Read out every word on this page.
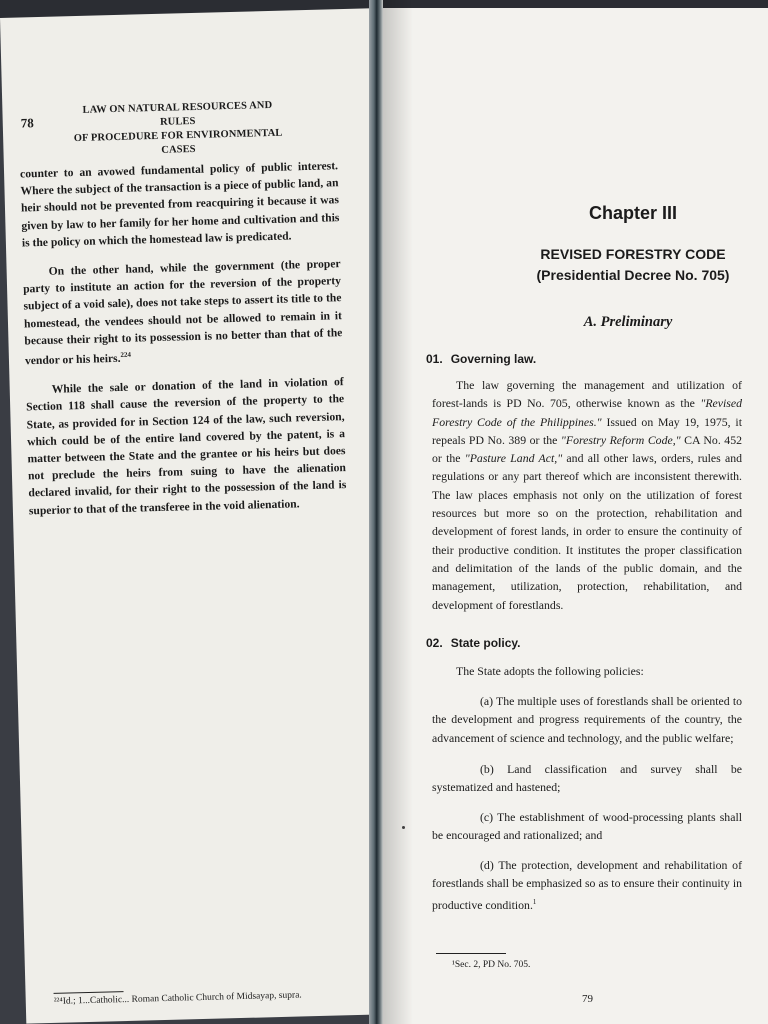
78
LAW ON NATURAL RESOURCES AND RULES
OF PROCEDURE FOR ENVIRONMENTAL CASES

counter to an avowed fundamental policy of public interest. Where the subject of the transaction is a piece of public land, an heir should not be prevented from reacquiring it because it was given by law to her family for her home and cultivation and this is the policy on which the homestead law is predicated.

On the other hand, while the government (the proper party to institute an action for the reversion of the property subject of a void sale), does not take steps to assert its title to the homestead, the vendees should not be allowed to remain in it because their right to its possession is no better than that of the vendor or his heirs.$^{224}$

While the sale or donation of the land in violation of Section 118 shall cause the reversion of the property to the State, as provided for in Section 124 of the law, such reversion, which could be of the entire land covered by the patent, is a matter between the State and the grantee or his heirs but does not preclude the heirs from suing to have the alienation declared invalid, for their right to the possession of the land is superior to that of the transferee in the void alienation.

²²⁴Id.; 1...Catholic... Roman Catholic Church of Midsayap, supra.
Chapter III
REVISED FORESTRY CODE
(Presidential Decree No. 705)
A. Preliminary
01. Governing law.
The law governing the management and utilization of forest-lands is PD No. 705, otherwise known as the "Revised Forestry Code of the Philippines." Issued on May 19, 1975, it repeals PD No. 389 or the "Forestry Reform Code," CA No. 452 or the "Pasture Land Act," and all other laws, orders, rules and regulations or any part thereof which are inconsistent therewith. The law places emphasis not only on the utilization of forest resources but more so on the protection, rehabilitation and development of forest lands, in order to ensure the continuity of their productive condition. It institutes the proper classification and delimitation of the lands of the public domain, and the management, utilization, protection, rehabilitation, and development of forestlands.
02. State policy.
The State adopts the following policies:
(a) The multiple uses of forestlands shall be oriented to the development and progress requirements of the country, the advancement of science and technology, and the public welfare;
(b) Land classification and survey shall be systematized and hastened;
(c) The establishment of wood-processing plants shall be encouraged and rationalized; and
(d) The protection, development and rehabilitation of forestlands shall be emphasized so as to ensure their continuity in productive condition.$^1$
¹Sec. 2, PD No. 705.
79
